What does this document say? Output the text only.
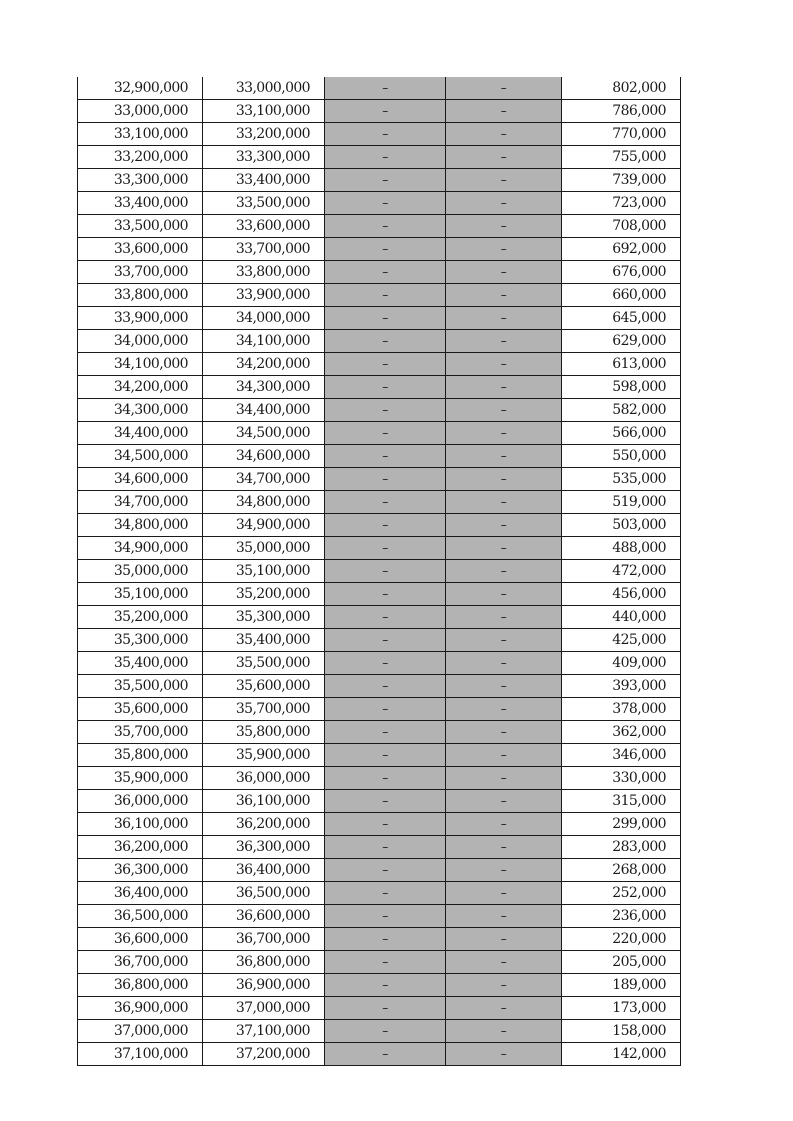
32,900,000	33,000,000	–	–	802,000
33,000,000	33,100,000	–	–	786,000
33,100,000	33,200,000	–	–	770,000
33,200,000	33,300,000	–	–	755,000
33,300,000	33,400,000	–	–	739,000
33,400,000	33,500,000	–	–	723,000
33,500,000	33,600,000	–	–	708,000
33,600,000	33,700,000	–	–	692,000
33,700,000	33,800,000	–	–	676,000
33,800,000	33,900,000	–	–	660,000
33,900,000	34,000,000	–	–	645,000
34,000,000	34,100,000	–	–	629,000
34,100,000	34,200,000	–	–	613,000
34,200,000	34,300,000	–	–	598,000
34,300,000	34,400,000	–	–	582,000
34,400,000	34,500,000	–	–	566,000
34,500,000	34,600,000	–	–	550,000
34,600,000	34,700,000	–	–	535,000
34,700,000	34,800,000	–	–	519,000
34,800,000	34,900,000	–	–	503,000
34,900,000	35,000,000	–	–	488,000
35,000,000	35,100,000	–	–	472,000
35,100,000	35,200,000	–	–	456,000
35,200,000	35,300,000	–	–	440,000
35,300,000	35,400,000	–	–	425,000
35,400,000	35,500,000	–	–	409,000
35,500,000	35,600,000	–	–	393,000
35,600,000	35,700,000	–	–	378,000
35,700,000	35,800,000	–	–	362,000
35,800,000	35,900,000	–	–	346,000
35,900,000	36,000,000	–	–	330,000
36,000,000	36,100,000	–	–	315,000
36,100,000	36,200,000	–	–	299,000
36,200,000	36,300,000	–	–	283,000
36,300,000	36,400,000	–	–	268,000
36,400,000	36,500,000	–	–	252,000
36,500,000	36,600,000	–	–	236,000
36,600,000	36,700,000	–	–	220,000
36,700,000	36,800,000	–	–	205,000
36,800,000	36,900,000	–	–	189,000
36,900,000	37,000,000	–	–	173,000
37,000,000	37,100,000	–	–	158,000
37,100,000	37,200,000	–	–	142,000
